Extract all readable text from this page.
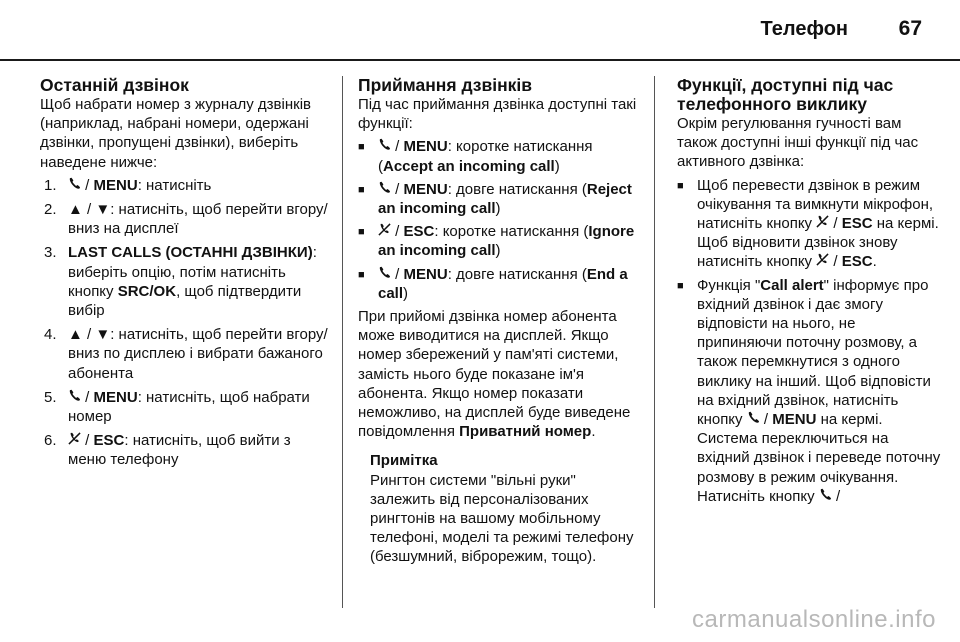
Телефон 67
Останній дзвінок

Щоб набрати номер з журналу дзвінків (наприклад, набрані номери, одержані дзвінки, пропущені дзвінки), виберіть наведене нижче:

1.	/ MENU: натисніть
2. ▲ / ▼: натисніть, щоб перейти вгору/вниз на дисплеї
3. LAST CALLS (ОСТАННІ ДЗВІНКИ): виберіть опцію, потім натисніть кнопку SRC/OK, щоб підтвердити вибір
4. ▲ / ▼: натисніть, щоб перейти вгору/вниз по дисплею і вибрати бажаного абонента
5.	/ MENU: натисніть, щоб набрати номер
6.	/ ESC: натисніть, щоб вийти з меню телефону
Приймання дзвінків

Під час приймання дзвінка доступні такі функції:

■	/ MENU: коротке натискання (Accept an incoming call)
■	/ MENU: довге натискання (Reject an incoming call)
■	/ ESC: коротке натискання (Ignore an incoming call)
■	/ MENU: довге натискання (End a call)

При прийомі дзвінка номер абонента може виводитися на дисплей. Якщо номер збережений у пам'яті системи, замість нього буде показане ім'я абонента. Якщо номер показати неможливо, на дисплей буде виведене повідомлення Приватний номер.

Примітка

Рингтон системи "вільні руки" залежить від персоналізованих рингтонів на вашому мобільному телефоні, моделі та режимі телефону (безшумний, віброрежим, тощо).

Функції, доступні під час телефонного виклику

Окрім регулювання гучності вам також доступні інші функції під час активного дзвінка:

■ Щоб перевести дзвінок в режим очікування та вимкнути мікрофон, натисніть кнопку  / ESC на кермі. Щоб відновити дзвінок знову натисніть кнопку  / ESC.
■ Функція "Call alert" інформує про вхідний дзвінок і дає змогу відповісти на нього, не припиняючи поточну розмову, а також перемкнутися з одного виклику на інший. Щоб відповісти на вхідний дзвінок, натисніть кнопку  / MENU на кермі. Система переключиться на вхідний дзвінок і переведе поточну розмову в режим очікування. Натисніть кнопку  /
carmanualsonline.info
